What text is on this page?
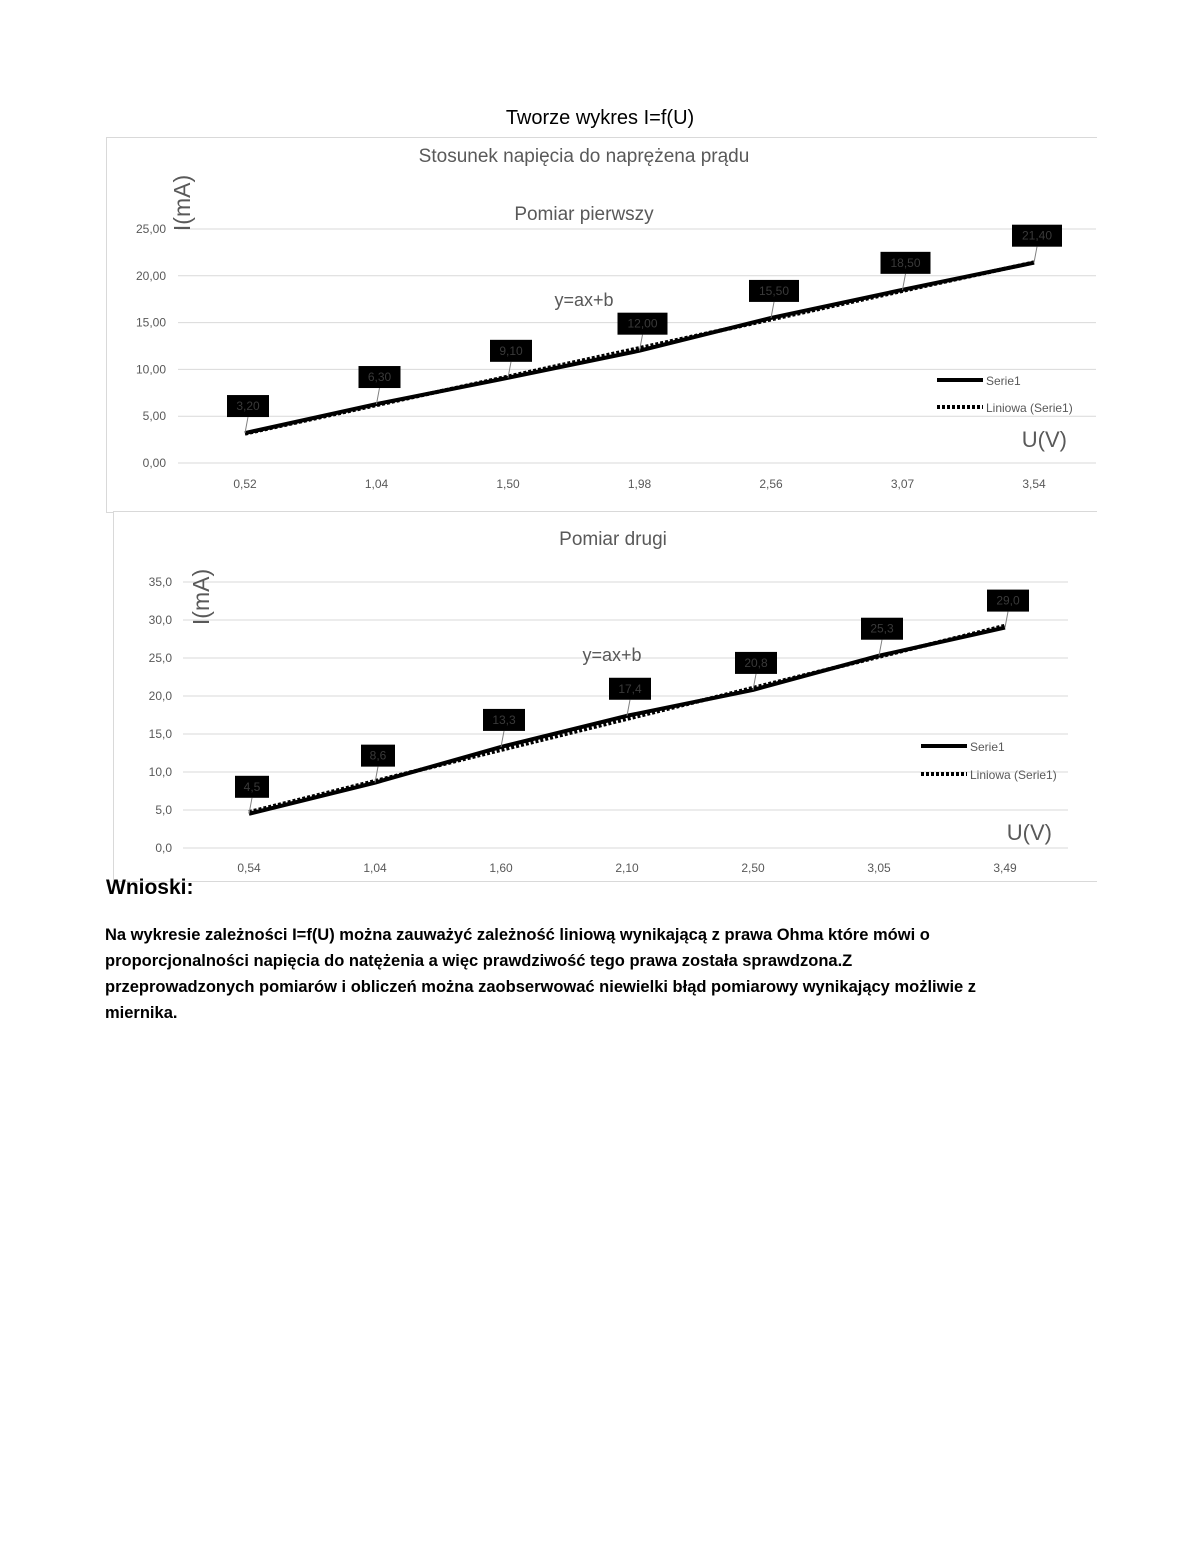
Tworze wykres I=f(U)
0,00
5,00
10,00
15,00
20,00
25,00
0,52	1,04	1,50	1,98	2,56	3,07	3,54
Stosunek napięcia do naprężena prądu
Pomiar pierwszy
I(mA)
U(V)
y=ax+b
3,20
6,30
9,10
12,00
15,50
18,50
21,40
Serie1
Liniowa (Serie1)
0,0
5,0
10,0
15,0
20,0
25,0
30,0
35,0
0,54	1,04	1,60	2,10	2,50	3,05	3,49
Pomiar drugi
I(mA)
U(V)
y=ax+b
4,5
8,6
13,3
17,4
20,8
25,3
29,0
Serie1
Liniowa (Serie1)
Wnioski:
Na wykresie zależności I=f(U) można zauważyć zależność liniową wynikającą z prawa Ohma które mówi o proporcjonalności napięcia do natężenia a więc prawdziwość tego prawa została sprawdzona.Z przeprowadzonych pomiarów i obliczeń można zaobserwować niewielki błąd pomiarowy wynikający możliwie z miernika.
